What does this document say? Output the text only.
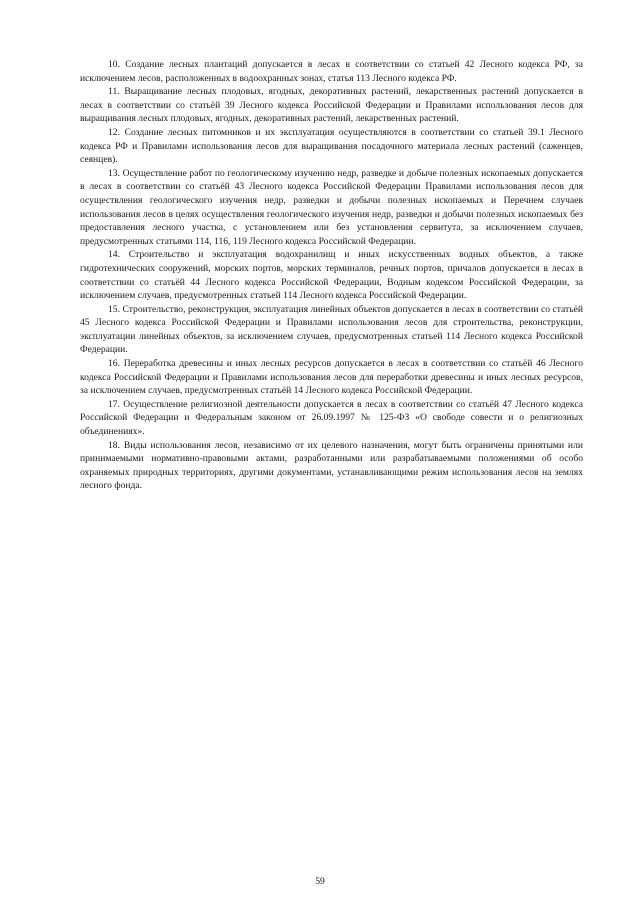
10. Создание лесных плантаций допускается в лесах в соответствии со статьей 42 Лесного кодекса РФ, за исключением лесов, расположенных в водоохранных зонах, статья 113 Лесного кодекса РФ.

11. Выращивание лесных плодовых, ягодных, декоративных растений, лекарственных растений допускается в лесах в соответствии со статьёй 39 Лесного кодекса Российской Федерации и Правилами использования лесов для выращивания лесных плодовых, ягодных, декоративных растений, лекарственных растений.

12. Создание лесных питомников и их эксплуатация осуществляются в соответствии со статьей 39.1 Лесного кодекса РФ и Правилами использования лесов для выращивания посадочного материала лесных растений (саженцев, сеянцев).

13. Осуществление работ по геологическому изучению недр, разведке и добыче полезных ископаемых допускается в лесах в соответствии со статьёй 43 Лесного кодекса Российской Федерации Правилами использования лесов для осуществления геологического изучения недр, разведки и добычи полезных ископаемых и Перечнем случаев использования лесов в целях осуществления геологического изучения недр, разведки и добычи полезных ископаемых без предоставления лесного участка, с установлением или без установления сервитута, за исключением случаев, предусмотренных статьями 114, 116, 119 Лесного кодекса Российской Федерации.

14. Строительство и эксплуатация водохранилищ и иных искусственных водных объектов, а также гидротехнических сооружений, морских портов, морских терминалов, речных портов, причалов допускается в лесах в соответствии со статьёй 44 Лесного кодекса Российской Федерации, Водным кодексом Российской Федерации, за исключением случаев, предусмотренных статьей 114 Лесного кодекса Российской Федерации.

15. Строительство, реконструкция, эксплуатация линейных объектов допускается в лесах в соответствии со статьёй 45 Лесного кодекса Российской Федерации и Правилами использования лесов для строительства, реконструкции, эксплуатации линейных объектов, за исключением случаев, предусмотренных статьей 114 Лесного кодекса Российской Федерации.

16. Переработка древесины и иных лесных ресурсов допускается в лесах в соответствии со статьёй 46 Лесного кодекса Российской Федерации и Правилами использования лесов для переработки древесины и иных лесных ресурсов, за исключением случаев, предусмотренных статьёй 14 Лесного кодекса Российской Федерации.

17. Осуществление религиозной деятельности допускается в лесах в соответствии со статьёй 47 Лесного кодекса Российской Федерации и Федеральным законом от 26.09.1997 № 125-ФЗ «О свободе совести и о религиозных объединениях».

18. Виды использования лесов, независимо от их целевого назначения, могут быть ограничены принятыми или принимаемыми нормативно-правовыми актами, разработанными или разрабатываемыми положениями об особо охраняемых природных территориях, другими документами, устанавливающими режим использования лесов на землях лесного фонда.

59
